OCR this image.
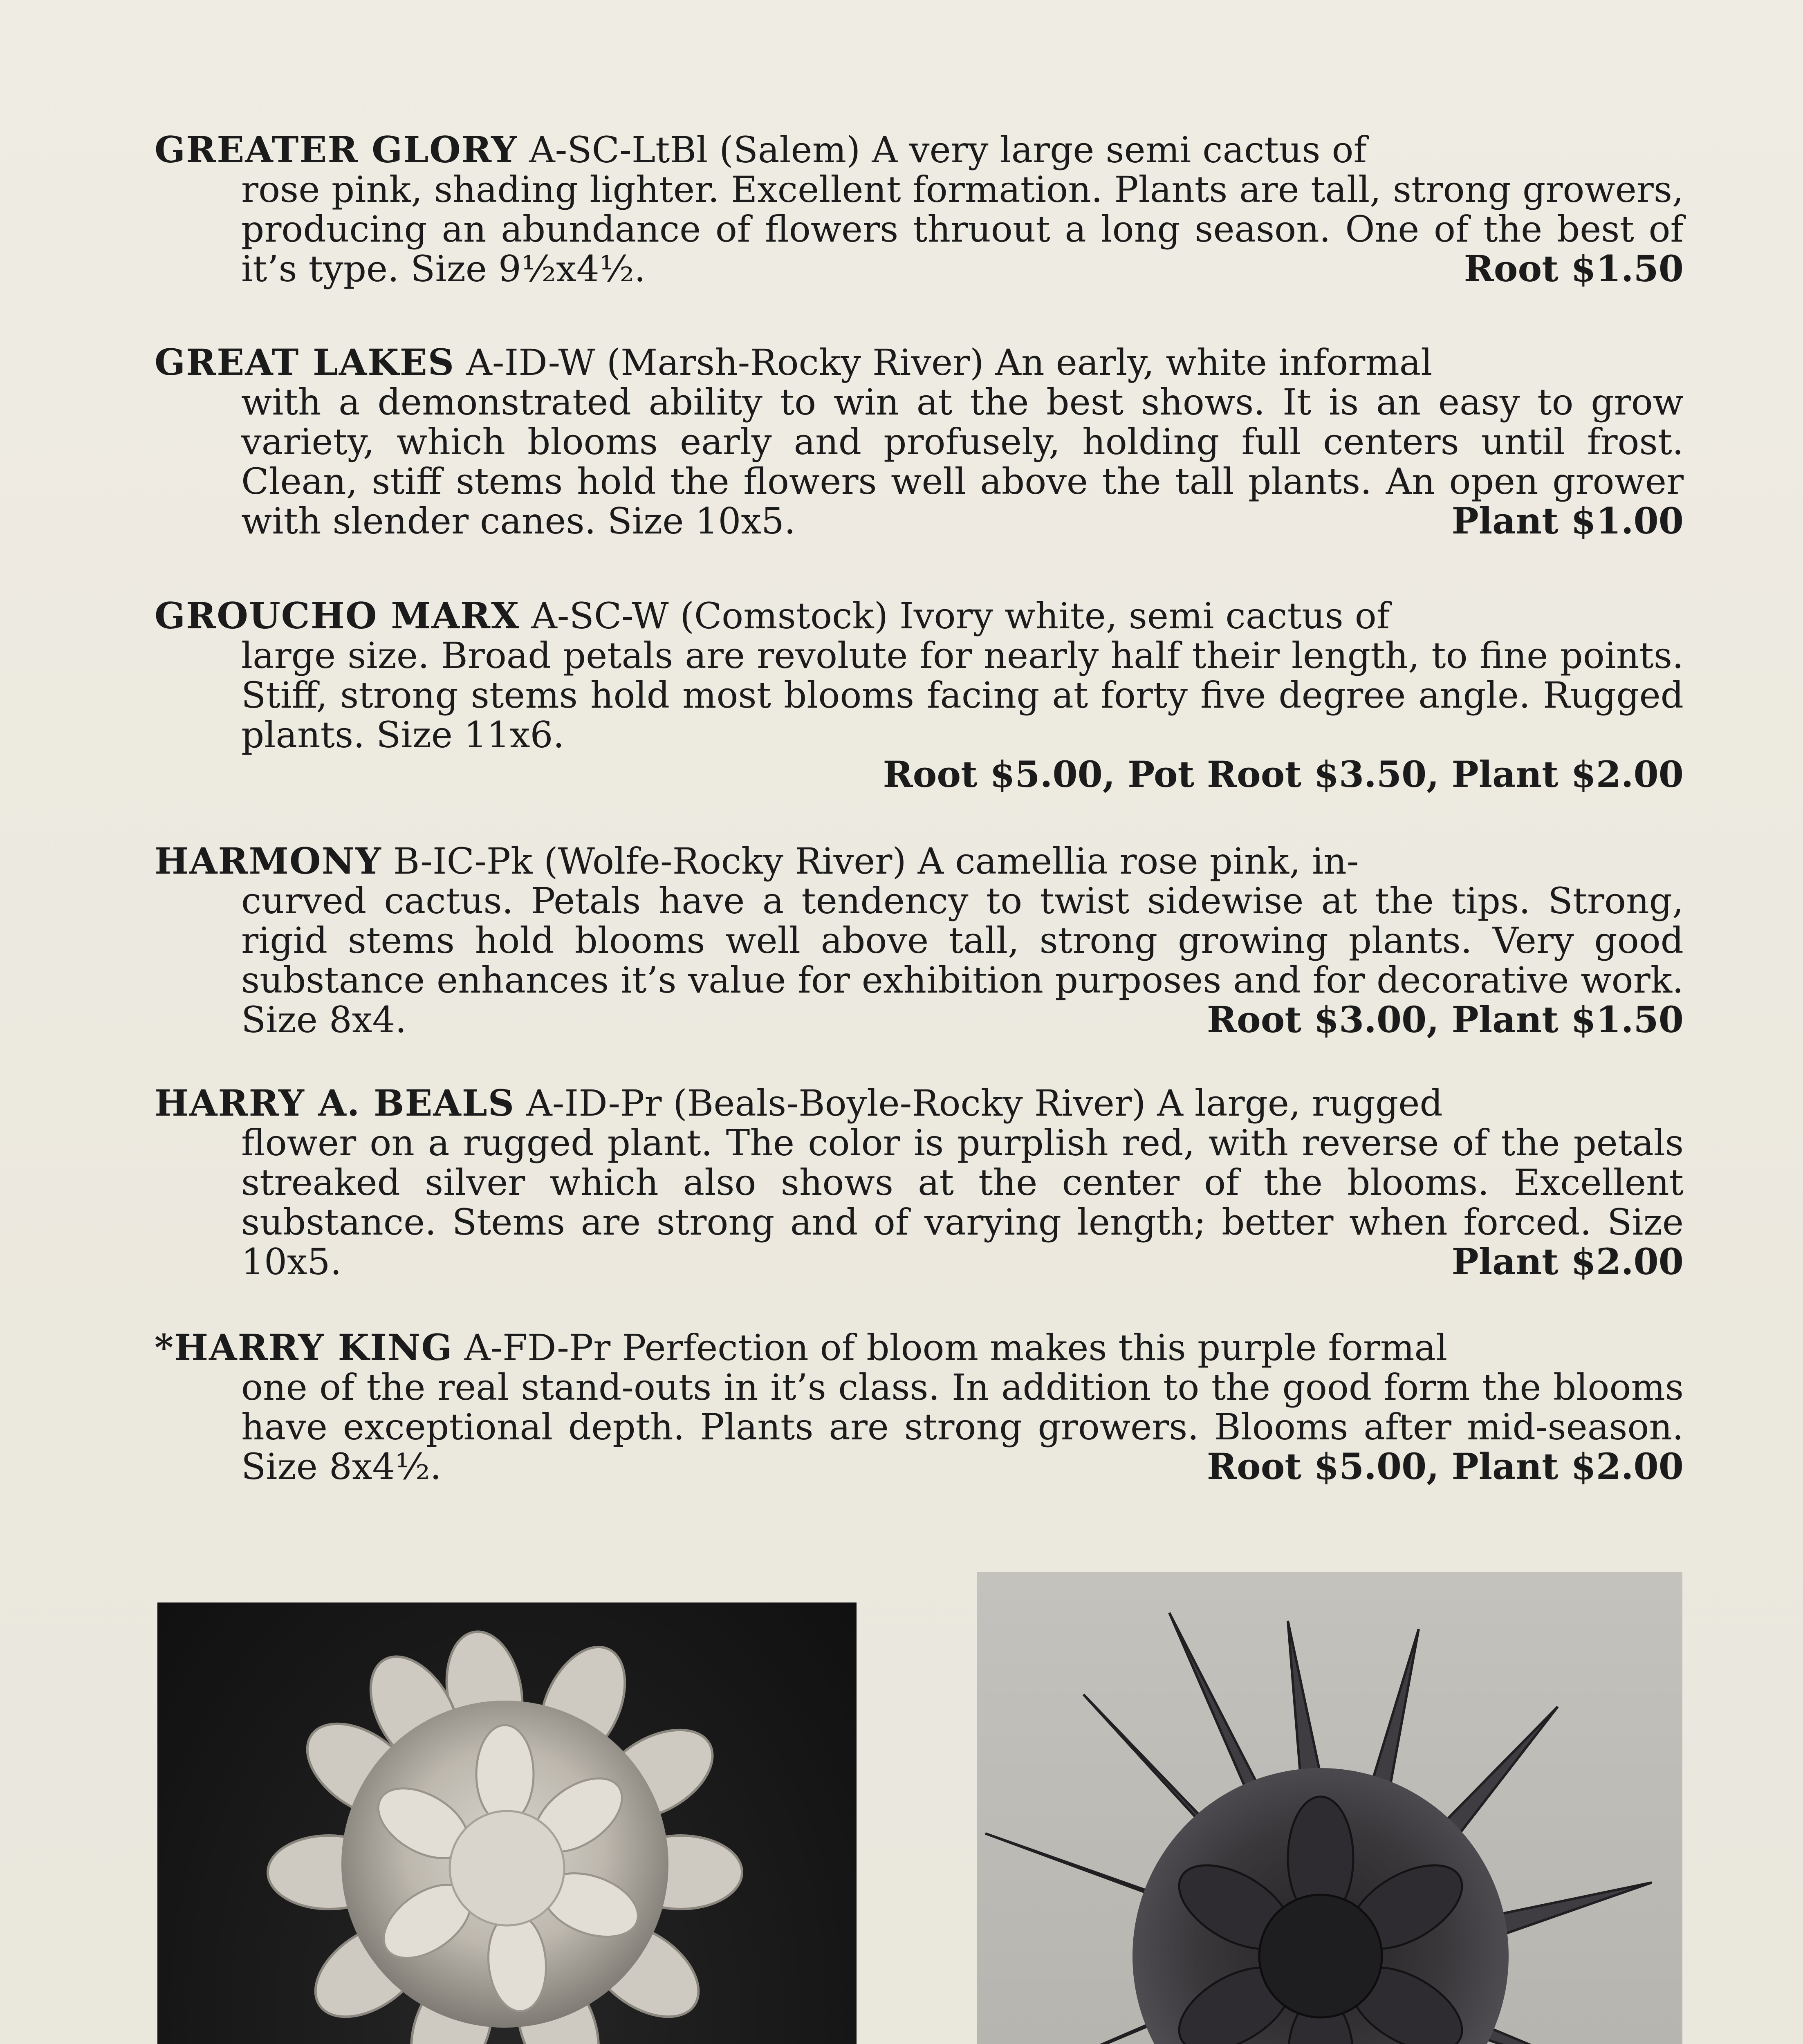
GREATER GLORY A-SC-LtBl (Salem) A very large semi cactus of
rose pink, shading lighter. Excellent formation. Plants are tall, strong growers, producing an abundance of flowers thruout a long season. One of the best of it’s type. Size 9½x4½.	Root $1.50
GREAT LAKES A-ID-W (Marsh-Rocky River) An early, white informal
with a demonstrated ability to win at the best shows. It is an easy to grow variety, which blooms early and profusely, holding full centers until frost. Clean, stiff stems hold the flowers well above the tall plants. An open grower with slender canes. Size 10x5.	Plant $1.00
GROUCHO MARX A-SC-W (Comstock) Ivory white, semi cactus of
large size. Broad petals are revolute for nearly half their length, to fine points. Stiff, strong stems hold most blooms facing at forty five degree angle. Rugged plants. Size 11x6.
Root $5.00, Pot Root $3.50, Plant $2.00
HARMONY B-IC-Pk (Wolfe-Rocky River) A camellia rose pink, in-
curved cactus. Petals have a tendency to twist sidewise at the tips. Strong, rigid stems hold blooms well above tall, strong growing plants. Very good substance enhances it’s value for exhibition purposes and for decorative work. Size 8x4.	Root $3.00, Plant $1.50
HARRY A. BEALS A-ID-Pr (Beals-Boyle-Rocky River) A large, rugged
flower on a rugged plant. The color is purplish red, with reverse of the petals streaked silver which also shows at the center of the blooms. Excellent substance. Stems are strong and of varying length; better when forced. Size 10x5.	Plant $2.00
*HARRY KING A-FD-Pr Perfection of bloom makes this purple formal
one of the real stand-outs in it’s class. In addition to the good form the blooms have exceptional depth. Plants are strong growers. Blooms after mid-season. Size 8x4½.	Root $5.00, Plant $2.00
